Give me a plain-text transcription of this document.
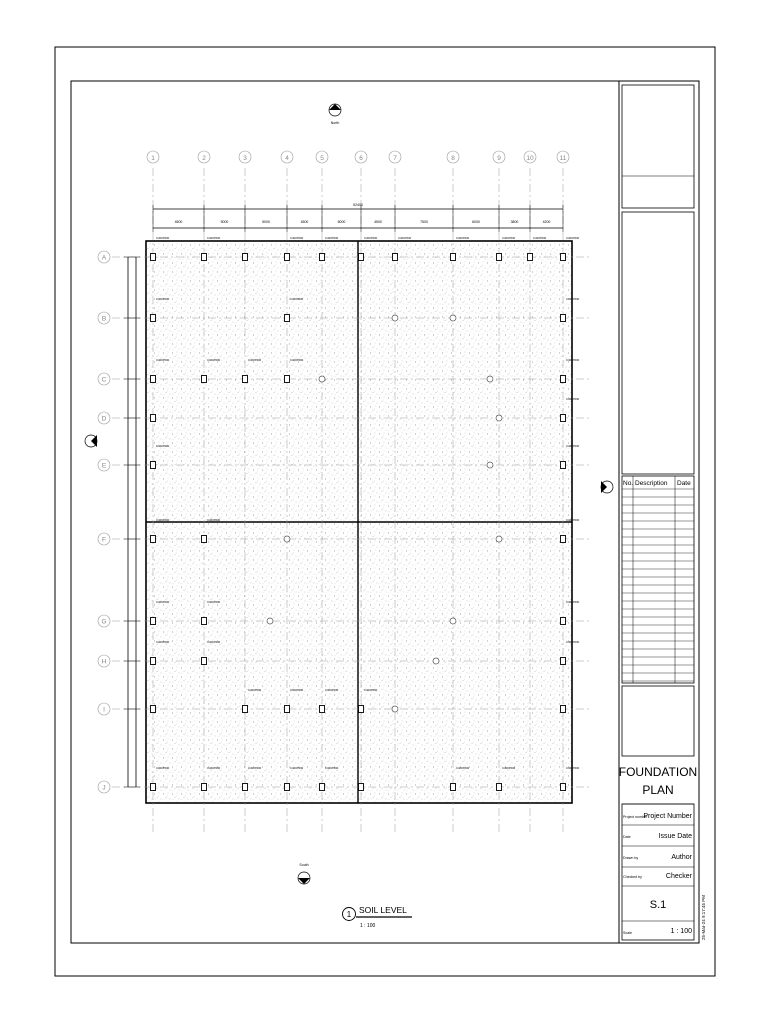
C400X500	C400X500	C400X500	C400X500	C400X500	C400X500	C400X500	C400X500	C400X500	C400X500
C400X500	C400X500	C400X500
C400X500	C400X500	C400X500	C400X500	C400X500
C400X500
C400X500	C400X500
C400X500	C400X500	C400X500
C400X500	C400X500	C400X500
C400X500	C400X500	C400X500
C400X500	C400X500	C400X500	C400X500
C400X500	C400X500	C400X500	C400X500	C400X500	C400X500	C400X500	C400X500
52400
4500	5000	5000	4500	5000	4500	7500	6000	3800	4200
1	2	3	4	5	6	7	8	9	10	11
A
B
C
D
E
F
G
H
I
J
North
South
1 SOIL LEVEL
1 : 100
No. Description Date
FOUNDATION
PLAN
Project number
Project Number
Date	Issue Date
Drawn by	Author
Checked by	Checker
S.1
Scale	1 : 100 25-Mar-24 9:17:45 PM
